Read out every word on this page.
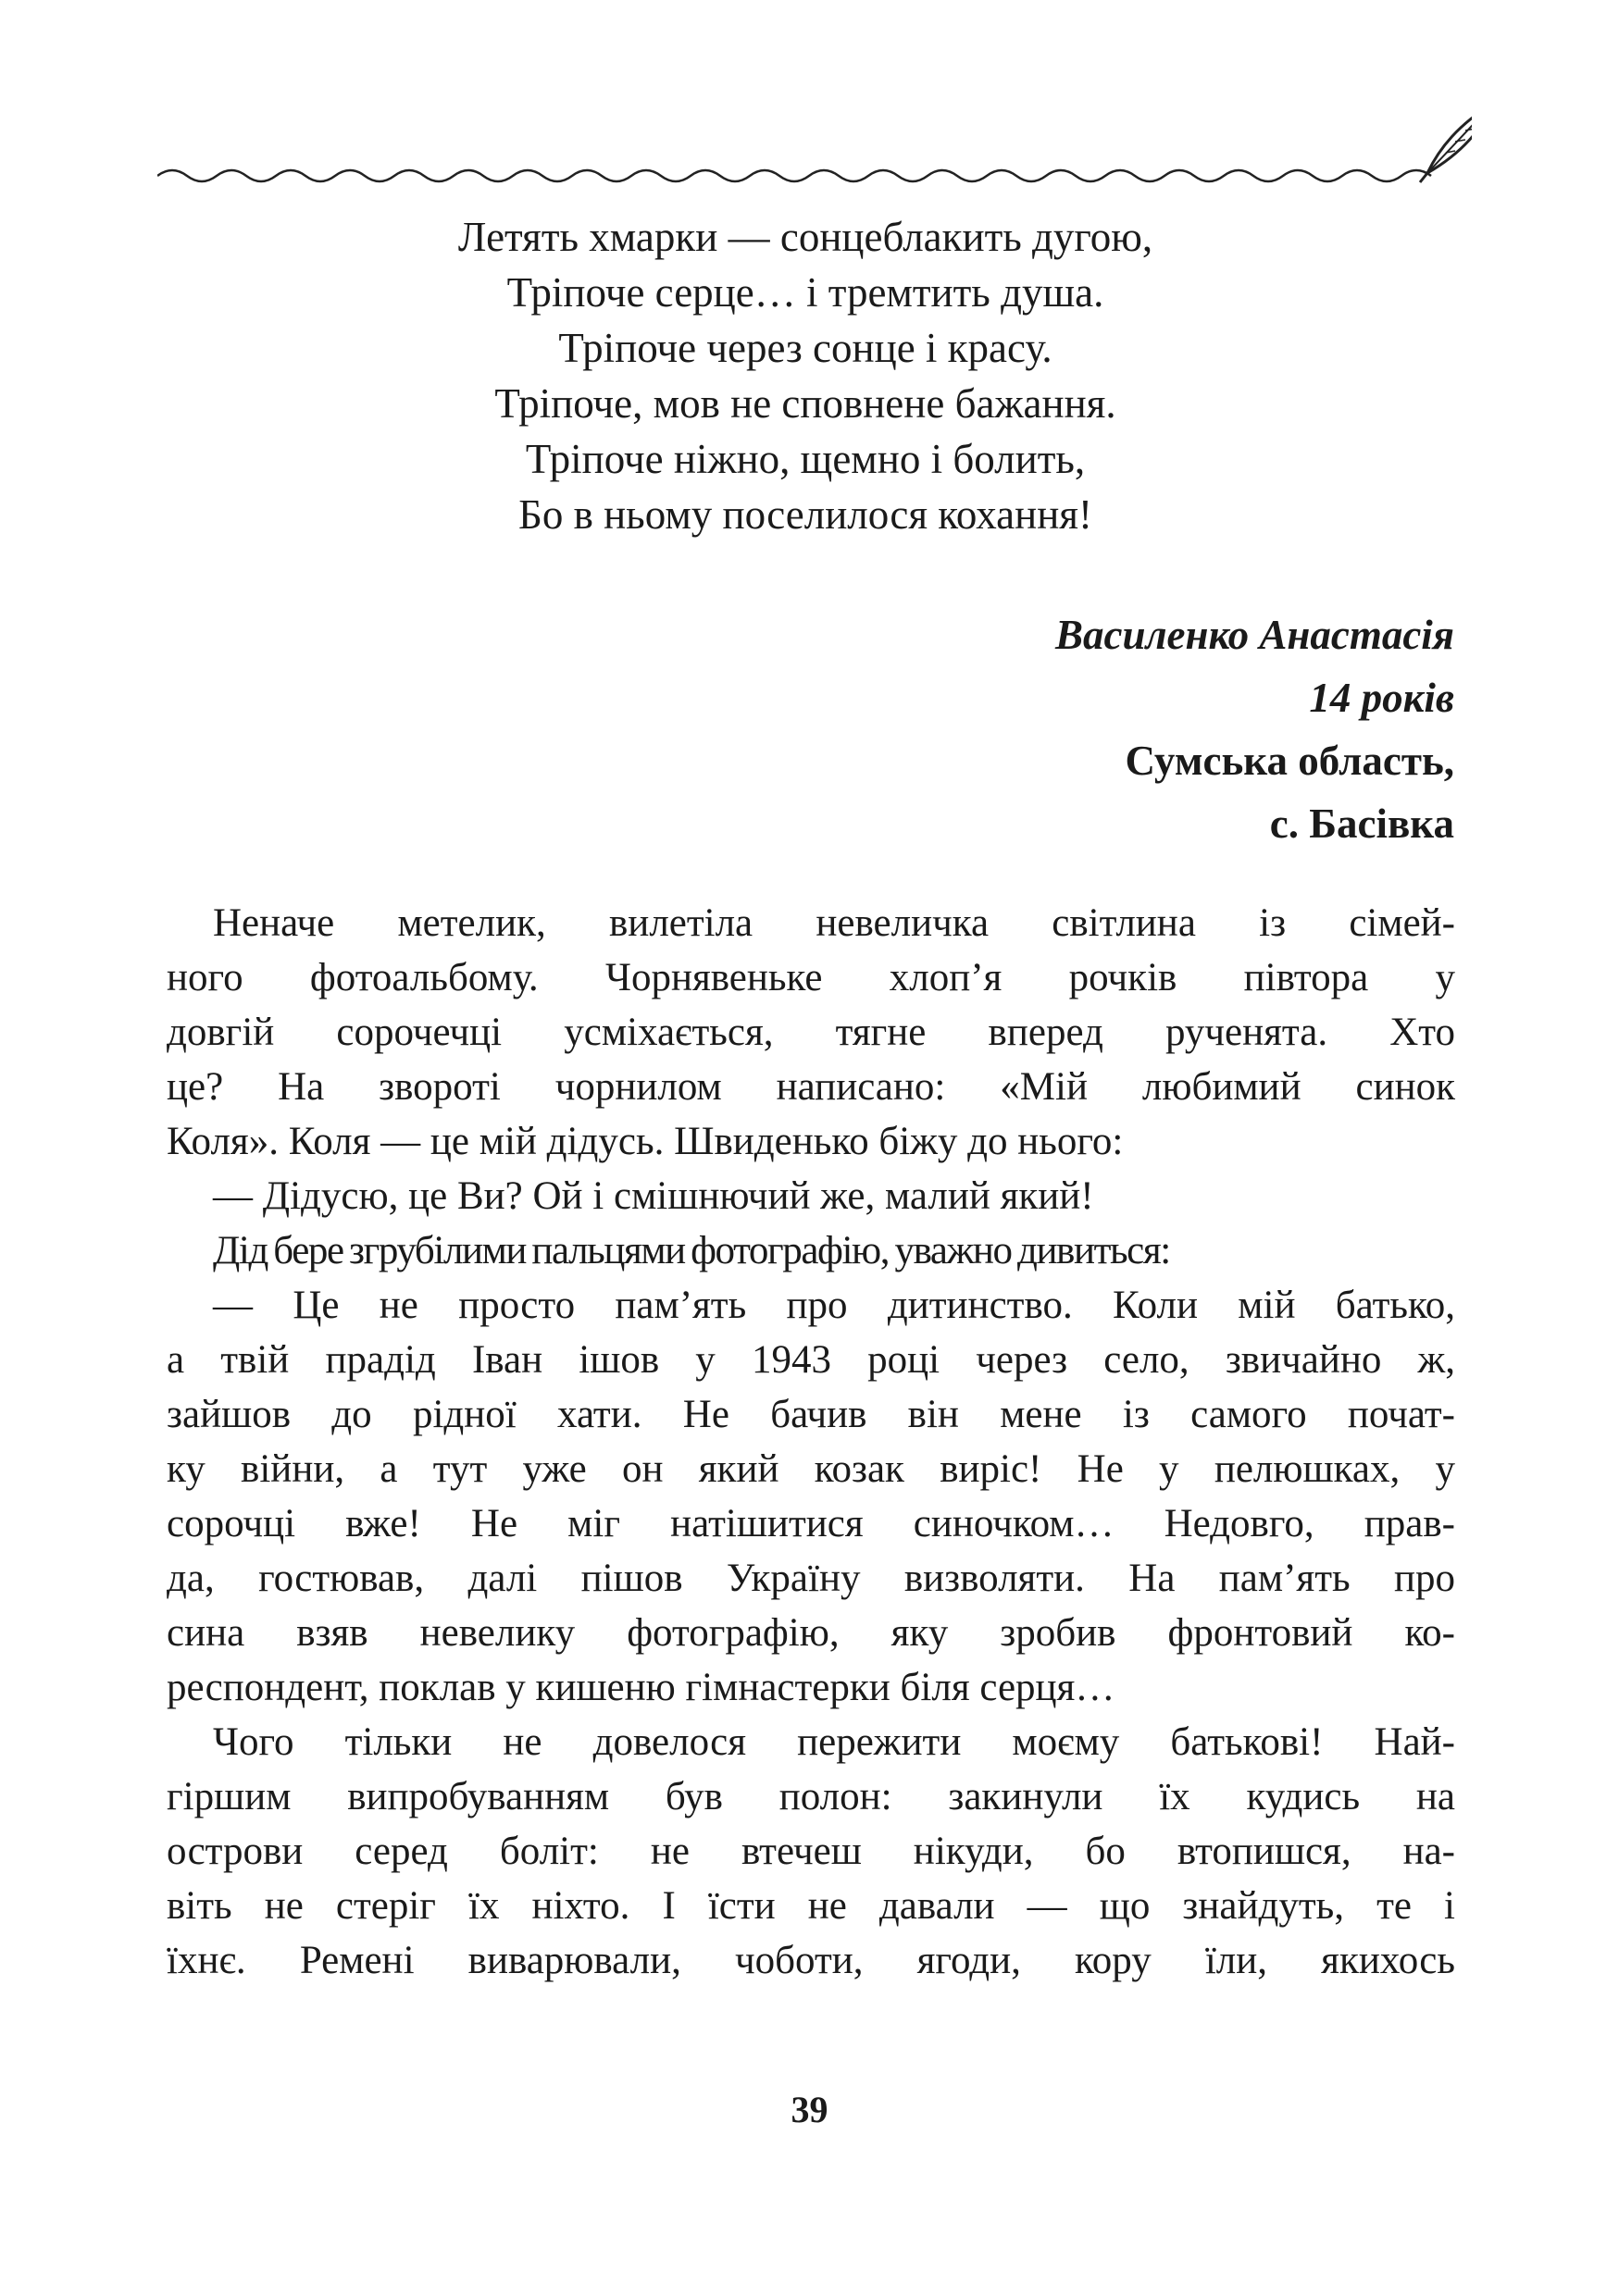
Летять хмарки — сонцеблакить дугою,
Тріпоче серце… і тремтить душа.
Тріпоче через сонце і красу.
Тріпоче, мов не сповнене бажання.
Тріпоче ніжно, щемно і болить,
Бо в ньому поселилося кохання!
Василенко Анастасія
14 років
Сумська область,
с. Басівка
Неначе метелик, вилетіла невеличка світлина із сімей-
ного фотоальбому. Чорнявеньке хлоп’я рочків півтора у
довгій сорочечці усміхається, тягне вперед рученята. Хто
це? На звороті чорнилом написано: «Мій любимий синок
Коля». Коля — це мій дідусь. Швиденько біжу до нього:
— Дідусю, це Ви? Ой і смішнючий же, малий який!
Дід бере згрубілими пальцями фотографію, уважно дивиться:
— Це не просто пам’ять про дитинство. Коли мій батько,
а твій прадід Іван ішов у 1943 році через село, звичайно ж,
зайшов до рідної хати. Не бачив він мене із самого почат-
ку війни, а тут уже он який козак виріс! Не у пелюшках, у
сорочці вже! Не міг натішитися синочком… Недовго, прав-
да, гостював, далі пішов Україну визволяти. На пам’ять про
сина взяв невелику фотографію, яку зробив фронтовий ко-
респондент, поклав у кишеню гімнастерки біля серця…
Чого тільки не довелося пережити моєму батькові! Най-
гіршим випробуванням був полон: закинули їх кудись на
острови серед боліт: не втечеш нікуди, бо втопишся, на-
віть не стеріг їх ніхто. І їсти не давали — що знайдуть, те і
їхнє. Ремені виварювали, чоботи, ягоди, кору їли, якихось
39
